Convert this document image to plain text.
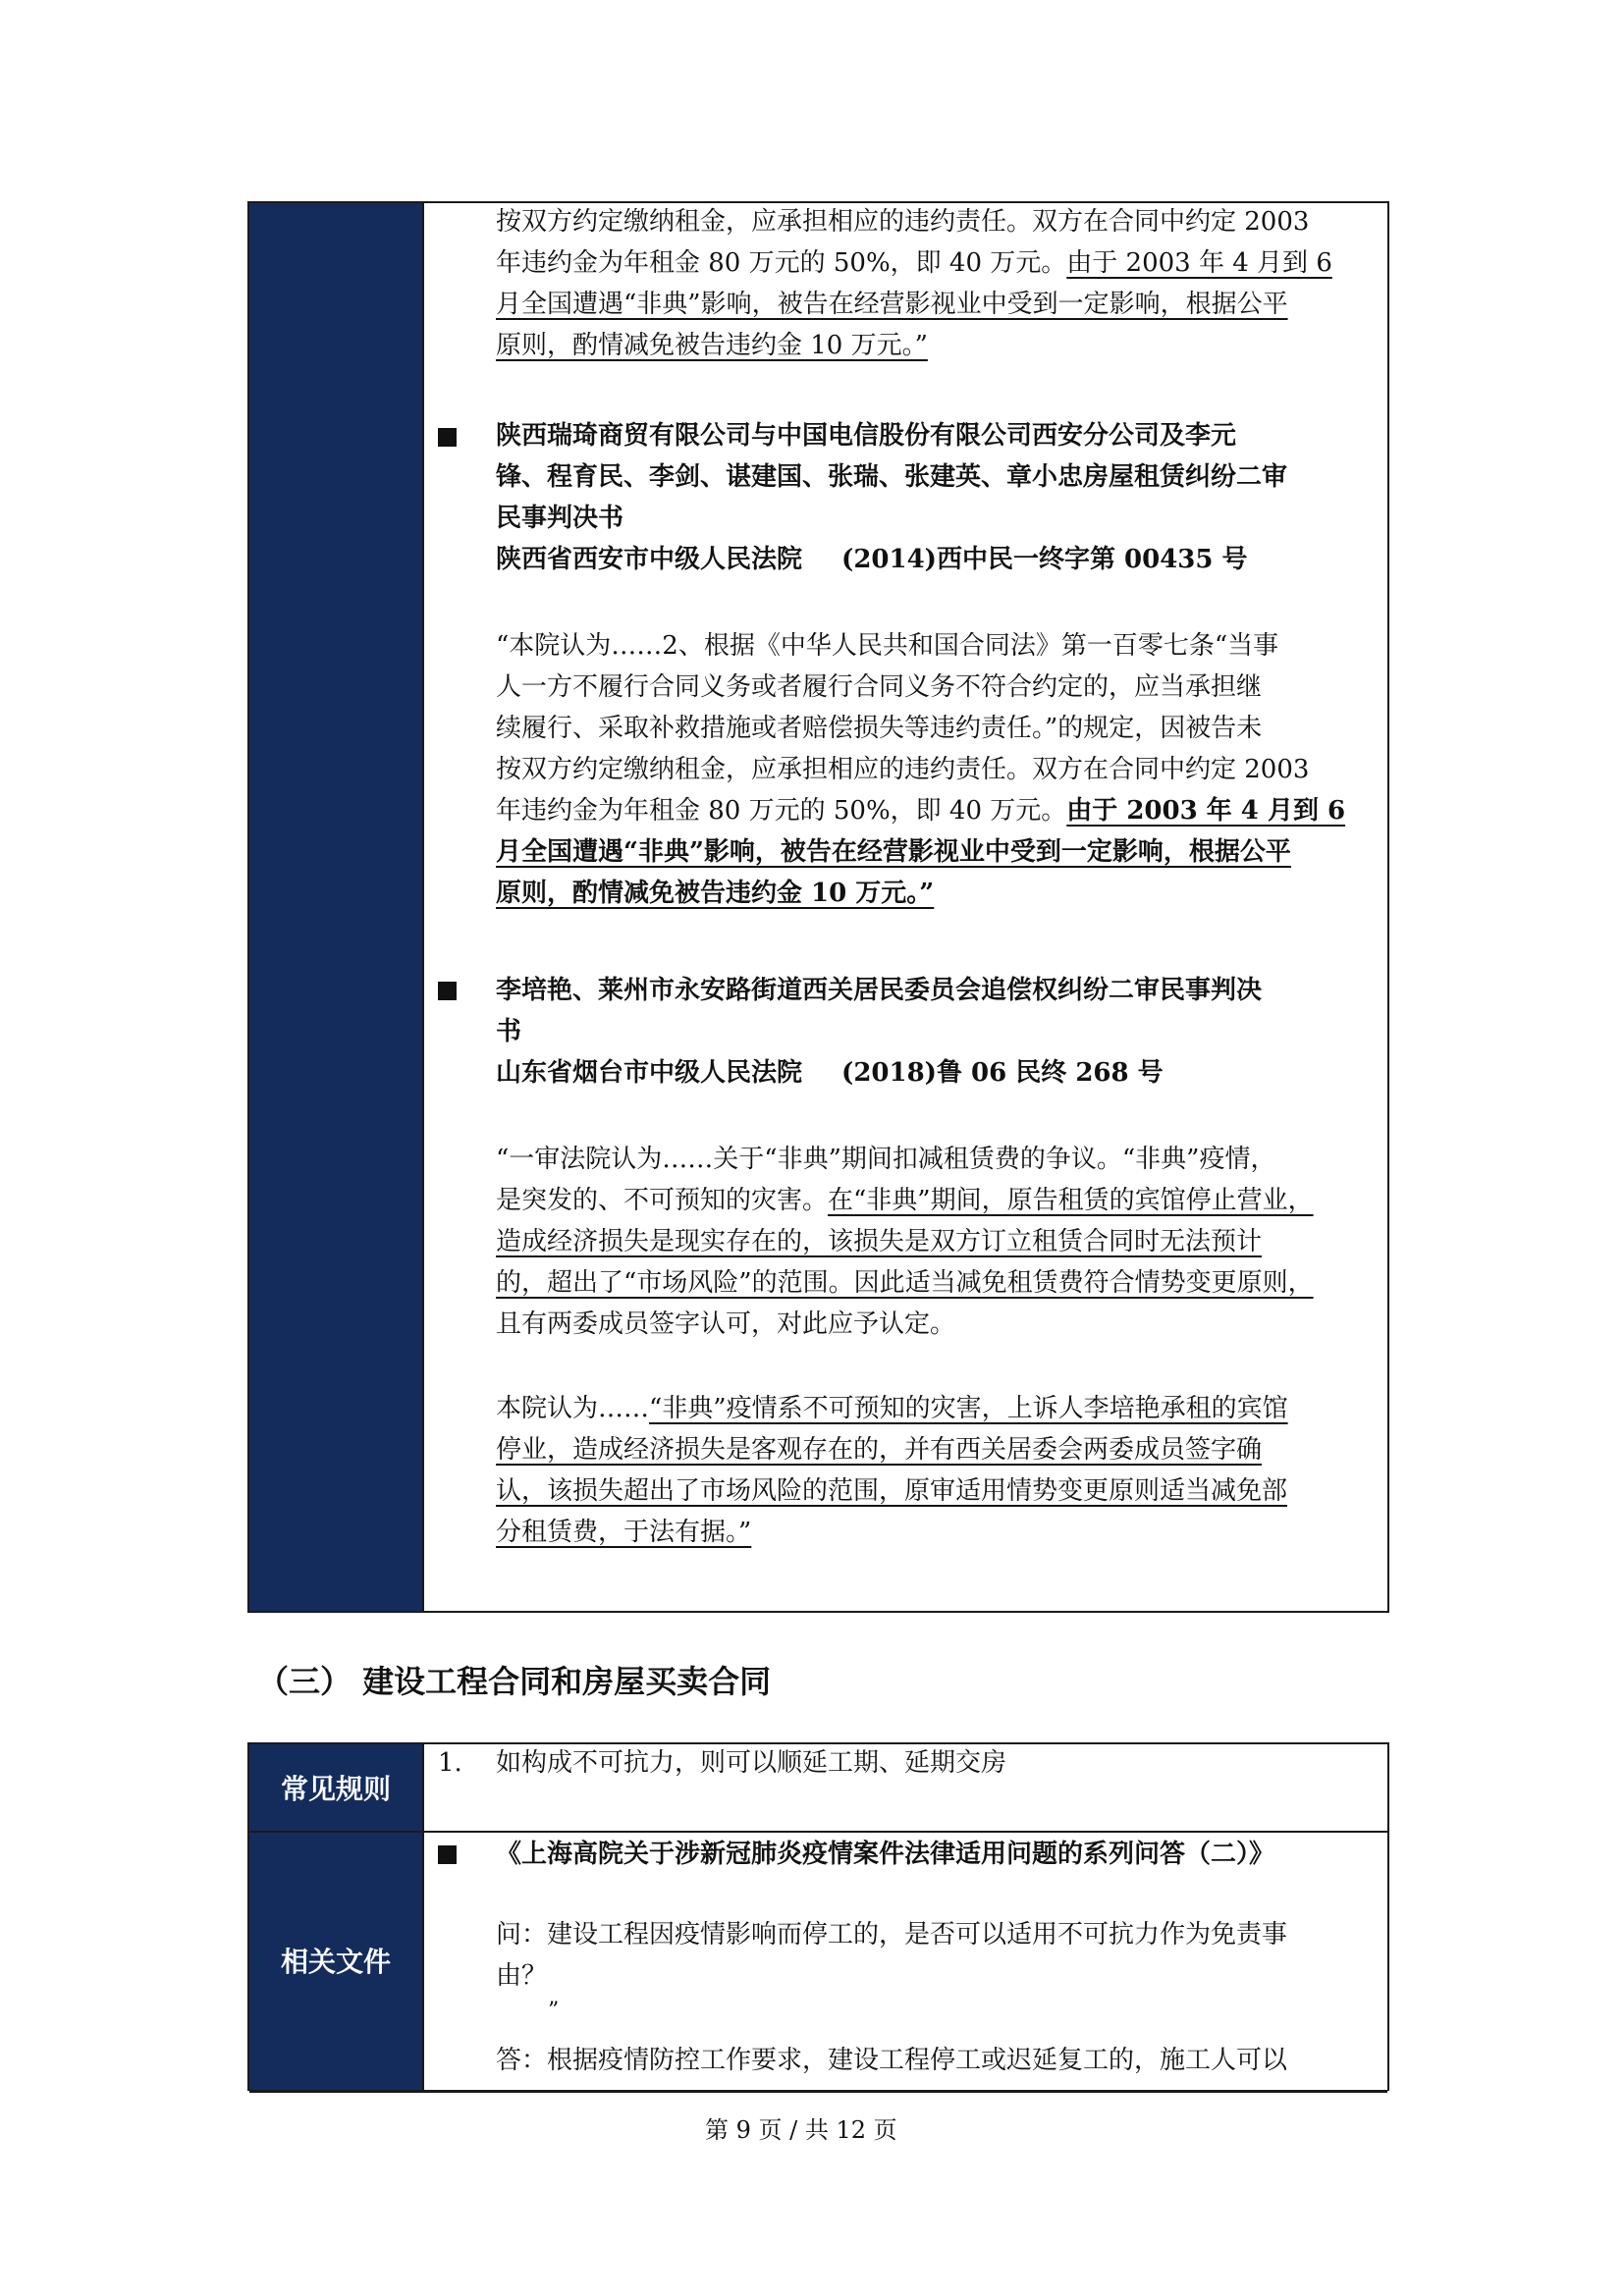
按双方约定缴纳租金，应承担相应的违约责任。双方在合同中约定 2003
年违约金为年租金 80 万元的 50%，即 40 万元。由于 2003 年 4 月到 6
月全国遭遇“非典”影响，被告在经营影视业中受到一定影响，根据公平
原则，酌情减免被告违约金 10 万元。”
陕西瑞琦商贸有限公司与中国电信股份有限公司西安分公司及李元
锋、程育民、李剑、谌建国、张瑞、张建英、章小忠房屋租赁纠纷二审
民事判决书
陕西省西安市中级人民法院 (2014)西中民一终字第 00435 号
“本院认为……2、根据《中华人民共和国合同法》第一百零七条“当事
人一方不履行合同义务或者履行合同义务不符合约定的，应当承担继
续履行、采取补救措施或者赔偿损失等违约责任。”的规定，因被告未
按双方约定缴纳租金，应承担相应的违约责任。双方在合同中约定 2003
年违约金为年租金 80 万元的 50%，即 40 万元。由于 2003 年 4 月到 6
月全国遭遇“非典”影响，被告在经营影视业中受到一定影响，根据公平
原则，酌情减免被告违约金 10 万元。”
李培艳、莱州市永安路街道西关居民委员会追偿权纠纷二审民事判决
书
山东省烟台市中级人民法院 (2018)鲁 06 民终 268 号
“一审法院认为……关于“非典”期间扣减租赁费的争议。“非典”疫情，
是突发的、不可预知的灾害。在“非典”期间，原告租赁的宾馆停止营业，
造成经济损失是现实存在的，该损失是双方订立租赁合同时无法预计
的，超出了“市场风险”的范围。因此适当减免租赁费符合情势变更原则，
且有两委成员签字认可，对此应予认定。
本院认为……“非典”疫情系不可预知的灾害，上诉人李培艳承租的宾馆
停业，造成经济损失是客观存在的，并有西关居委会两委成员签字确
认，该损失超出了市场风险的范围，原审适用情势变更原则适当减免部
分租赁费，于法有据。”
（三） 建设工程合同和房屋买卖合同
常见规则
相关文件
1. 如构成不可抗力，则可以顺延工期、延期交房
《上海高院关于涉新冠肺炎疫情案件法律适用问题的系列问答（二）》
问：建设工程因疫情影响而停工的，是否可以适用不可抗力作为免责事
由？
”
答：根据疫情防控工作要求，建设工程停工或迟延复工的，施工人可以
第 9 页 / 共 12 页
